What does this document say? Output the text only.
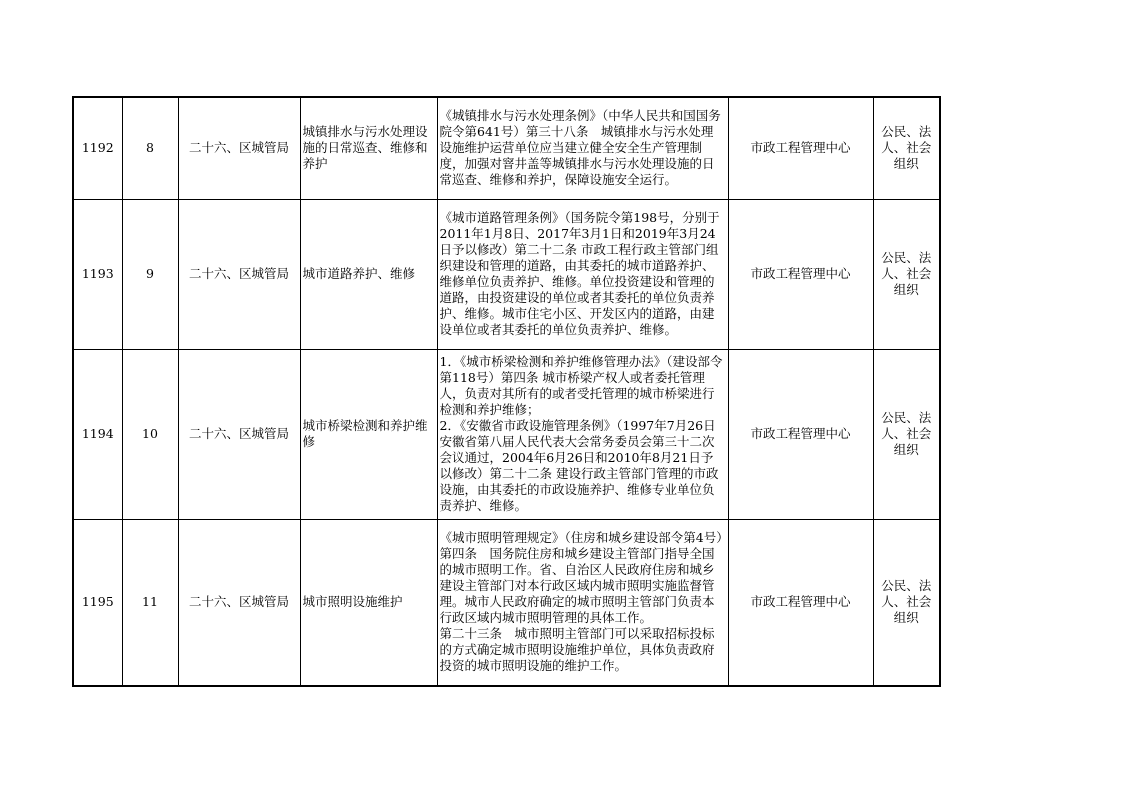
1192	8	二十六、区城管局	城镇排水与污水处理设施的日常巡查、维修和养护	《城镇排水与污水处理条例》（中华人民共和国国务院令第641号）第三十八条　城镇排水与污水处理设施维护运营单位应当建立健全安全生产管理制度，加强对窨井盖等城镇排水与污水处理设施的日常巡查、维修和养护，保障设施安全运行。	市政工程管理中心	公民、法人、社会组织
1193	9	二十六、区城管局	城市道路养护、维修	《城市道路管理条例》（国务院令第198号，分别于2011年1月8日、2017年3月1日和2019年3月24日予以修改）第二十二条 市政工程行政主管部门组织建设和管理的道路，由其委托的城市道路养护、维修单位负责养护、维修。单位投资建设和管理的道路，由投资建设的单位或者其委托的单位负责养护、维修。城市住宅小区、开发区内的道路，由建设单位或者其委托的单位负责养护、维修。	市政工程管理中心	公民、法人、社会组织
1194	10	二十六、区城管局	城市桥梁检测和养护维修	1．《城市桥梁检测和养护维修管理办法》（建设部令第118号）第四条 城市桥梁产权人或者委托管理人，负责对其所有的或者受托管理的城市桥梁进行检测和养护维修；
2．《安徽省市政设施管理条例》（1997年7月26日安徽省第八届人民代表大会常务委员会第三十二次会议通过，2004年6月26日和2010年8月21日予以修改）第二十二条 建设行政主管部门管理的市政设施，由其委托的市政设施养护、维修专业单位负责养护、维修。	市政工程管理中心	公民、法人、社会组织
1195	11	二十六、区城管局	城市照明设施维护	《城市照明管理规定》（住房和城乡建设部令第4号）第四条　国务院住房和城乡建设主管部门指导全国的城市照明工作。省、自治区人民政府住房和城乡建设主管部门对本行政区域内城市照明实施监督管理。城市人民政府确定的城市照明主管部门负责本行政区域内城市照明管理的具体工作。
第二十三条　城市照明主管部门可以采取招标投标的方式确定城市照明设施维护单位，具体负责政府投资的城市照明设施的维护工作。	市政工程管理中心	公民、法人、社会组织
